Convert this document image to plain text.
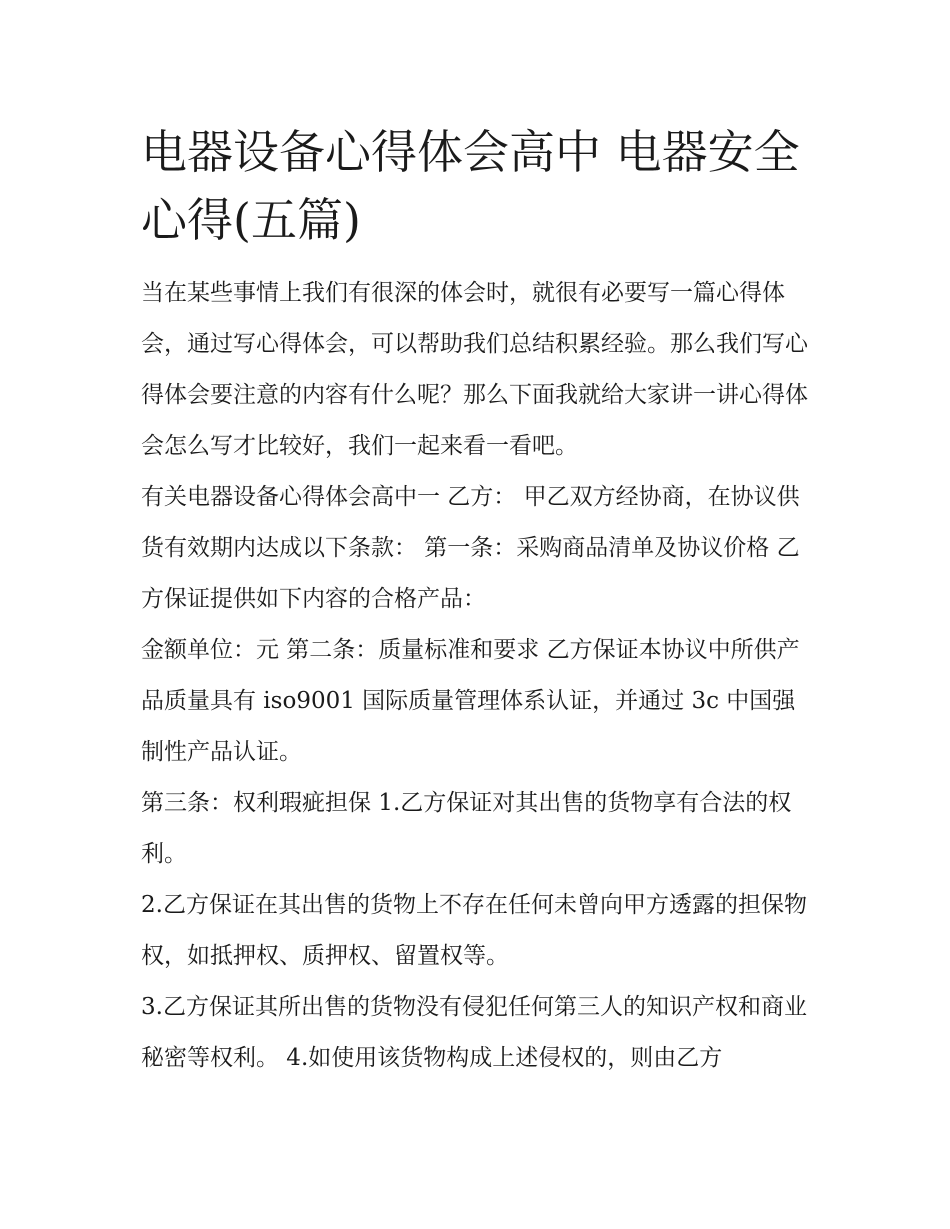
电器设备心得体会高中 电器安全心得(五篇)

当在某些事情上我们有很深的体会时，就很有必要写一篇心得体会，通过写心得体会，可以帮助我们总结积累经验。那么我们写心得体会要注意的内容有什么呢？那么下面我就给大家讲一讲心得体会怎么写才比较好，我们一起来看一看吧。

有关电器设备心得体会高中一 乙方： 甲乙双方经协商，在协议供货有效期内达成以下条款： 第一条：采购商品清单及协议价格 乙方保证提供如下内容的合格产品：

金额单位：元 第二条：质量标准和要求 乙方保证本协议中所供产品质量具有 iso9001 国际质量管理体系认证，并通过 3c 中国强制性产品认证。

第三条：权利瑕疵担保 1.乙方保证对其出售的货物享有合法的权利。

2.乙方保证在其出售的货物上不存在任何未曾向甲方透露的担保物权，如抵押权、质押权、留置权等。

3.乙方保证其所出售的货物没有侵犯任何第三人的知识产权和商业秘密等权利。 4.如使用该货物构成上述侵权的，则由乙方
